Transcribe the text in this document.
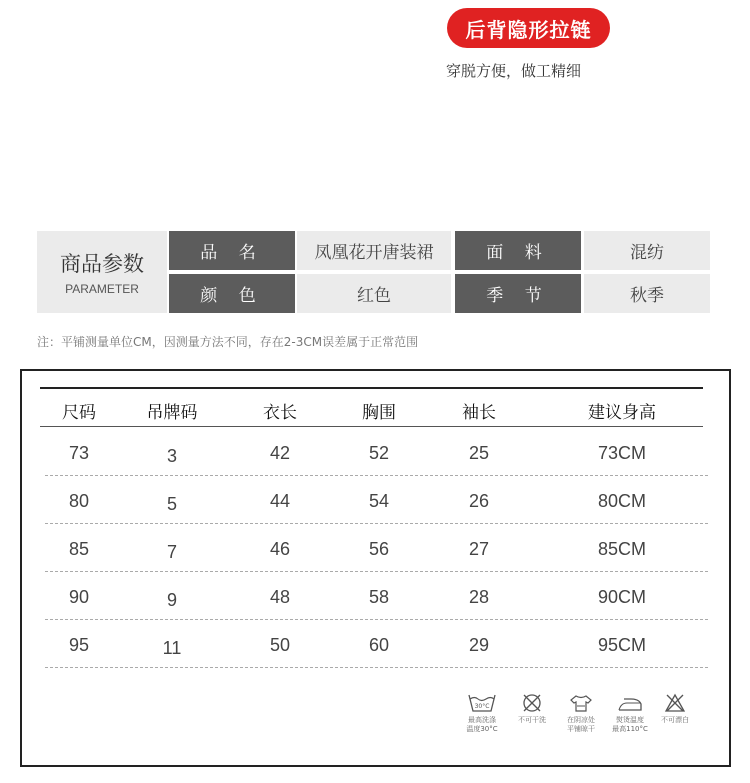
后背隐形拉链
穿脱方便，做工精细
商品参数
PARAMETER
品 名	凤凰花开唐装裙	面 料	混纺
颜 色	红色	季 节	秋季
注：平铺测量单位CM，因测量方法不同，存在2-3CM误差属于正常范围
尺码	吊牌码	衣长	胸围	袖长	建议身高
73	3	42	52	25	73CM
80	5	44	54	26	80CM
85	7	46	56	27	85CM
90	9	48	58	28	90CM
95	11	50	60	29	95CM
30°C
最高洗涤
温度30°C
不可干洗	在阴凉处
平铺晾干
熨烫温度
最高110°C
不可漂白
